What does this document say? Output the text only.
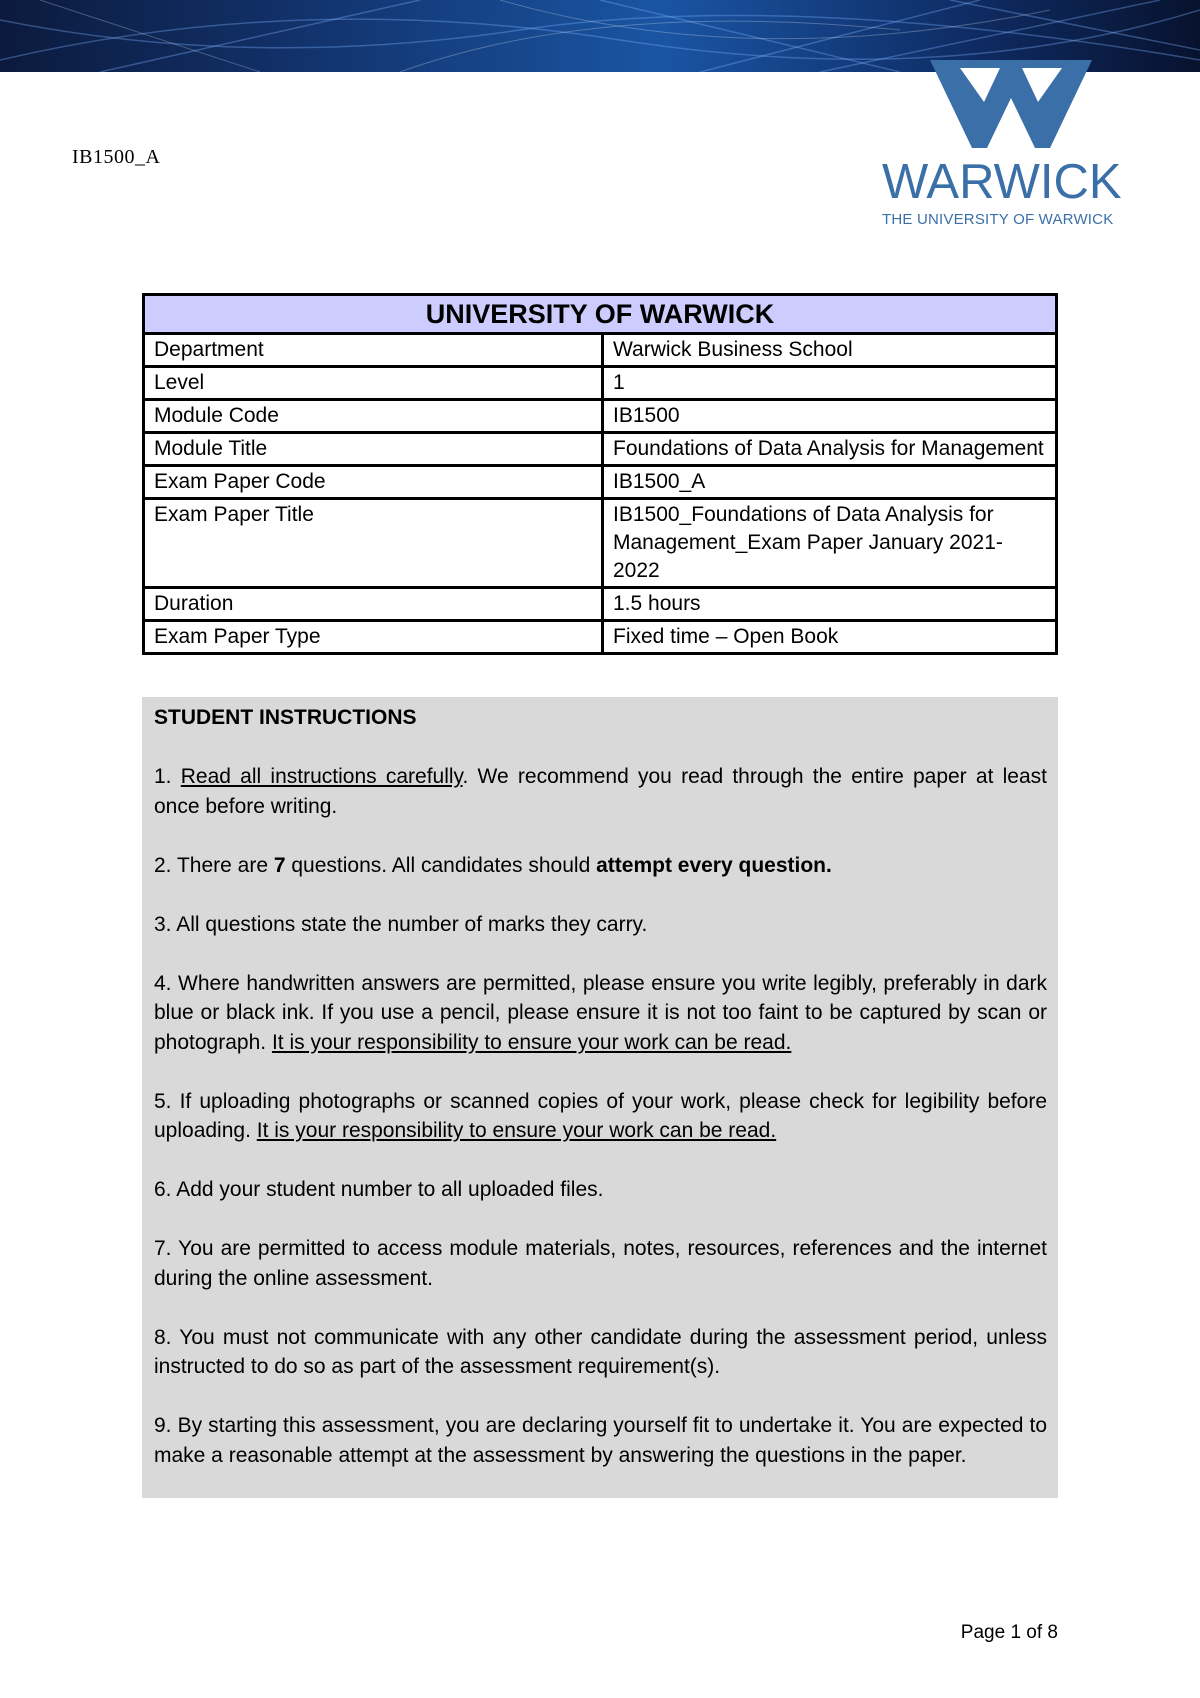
IB1500_A	WARWICK
THE UNIVERSITY OF WARWICK
UNIVERSITY OF WARWICK	
Department	Warwick Business School
Level	1
Module Code	IB1500
Module Title	Foundations of Data Analysis for Management
Exam Paper Code	IB1500_A
Exam Paper Title	IB1500_Foundations of Data Analysis for Management_Exam Paper January 2021-2022
Duration	1.5 hours
Exam Paper Type	Fixed time – Open Book

STUDENT INSTRUCTIONS

1. Read all instructions carefully. We recommend you read through the entire paper at least once before writing.

2. There are 7 questions. All candidates should attempt every question.

3. All questions state the number of marks they carry.

4. Where handwritten answers are permitted, please ensure you write legibly, preferably in dark blue or black ink. If you use a pencil, please ensure it is not too faint to be captured by scan or photograph. It is your responsibility to ensure your work can be read.

5. If uploading photographs or scanned copies of your work, please check for legibility before uploading. It is your responsibility to ensure your work can be read.

6. Add your student number to all uploaded files.

7. You are permitted to access module materials, notes, resources, references and the internet during the online assessment.

8. You must not communicate with any other candidate during the assessment period, unless instructed to do so as part of the assessment requirement(s).

9. By starting this assessment, you are declaring yourself fit to undertake it. You are expected to make a reasonable attempt at the assessment by answering the questions in the paper.

Page 1 of 8
